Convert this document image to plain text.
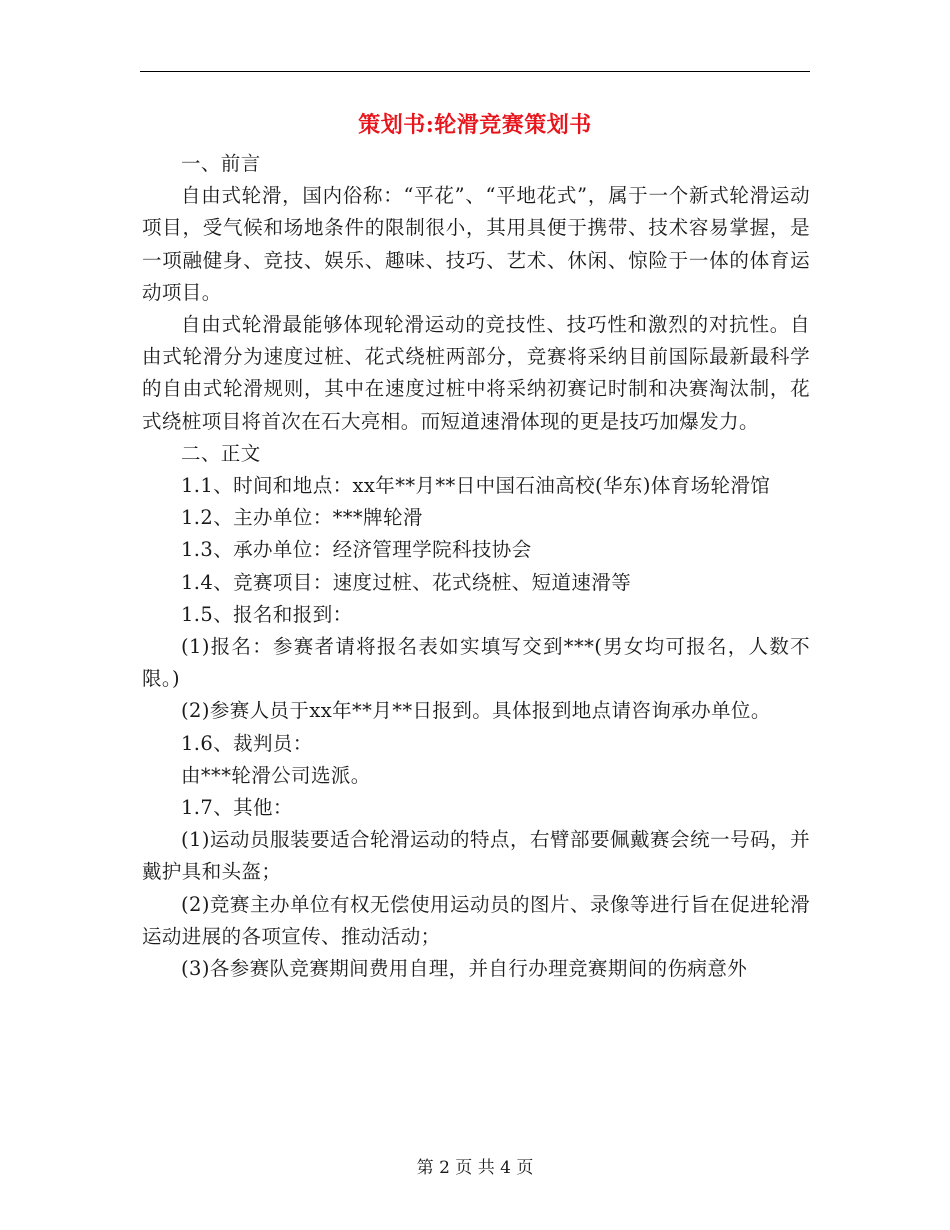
策划书:轮滑竞赛策划书

一、前言

自由式轮滑，国内俗称：“平花”、“平地花式”，属于一个新式轮滑运动项目，受气候和场地条件的限制很小，其用具便于携带、技术容易掌握，是一项融健身、竞技、娱乐、趣味、技巧、艺术、休闲、惊险于一体的体育运动项目。

自由式轮滑最能够体现轮滑运动的竞技性、技巧性和激烈的对抗性。自由式轮滑分为速度过桩、花式绕桩两部分，竞赛将采纳目前国际最新最科学的自由式轮滑规则，其中在速度过桩中将采纳初赛记时制和决赛淘汰制，花式绕桩项目将首次在石大亮相。而短道速滑体现的更是技巧加爆发力。

二、正文

1.1、时间和地点：xx年**月**日中国石油高校(华东)体育场轮滑馆

1.2、主办单位：***牌轮滑

1.3、承办单位：经济管理学院科技协会

1.4、竞赛项目：速度过桩、花式绕桩、短道速滑等

1.5、报名和报到：

(1)报名：参赛者请将报名表如实填写交到***(男女均可报名，人数不限。)

(2)参赛人员于xx年**月**日报到。具体报到地点请咨询承办单位。

1.6、裁判员：

由***轮滑公司选派。

1.7、其他：

(1)运动员服装要适合轮滑运动的特点，右臂部要佩戴赛会统一号码，并戴护具和头盔；

(2)竞赛主办单位有权无偿使用运动员的图片、录像等进行旨在促进轮滑运动进展的各项宣传、推动活动；

(3)各参赛队竞赛期间费用自理，并自行办理竞赛期间的伤病意外

第 2 页 共 4 页
